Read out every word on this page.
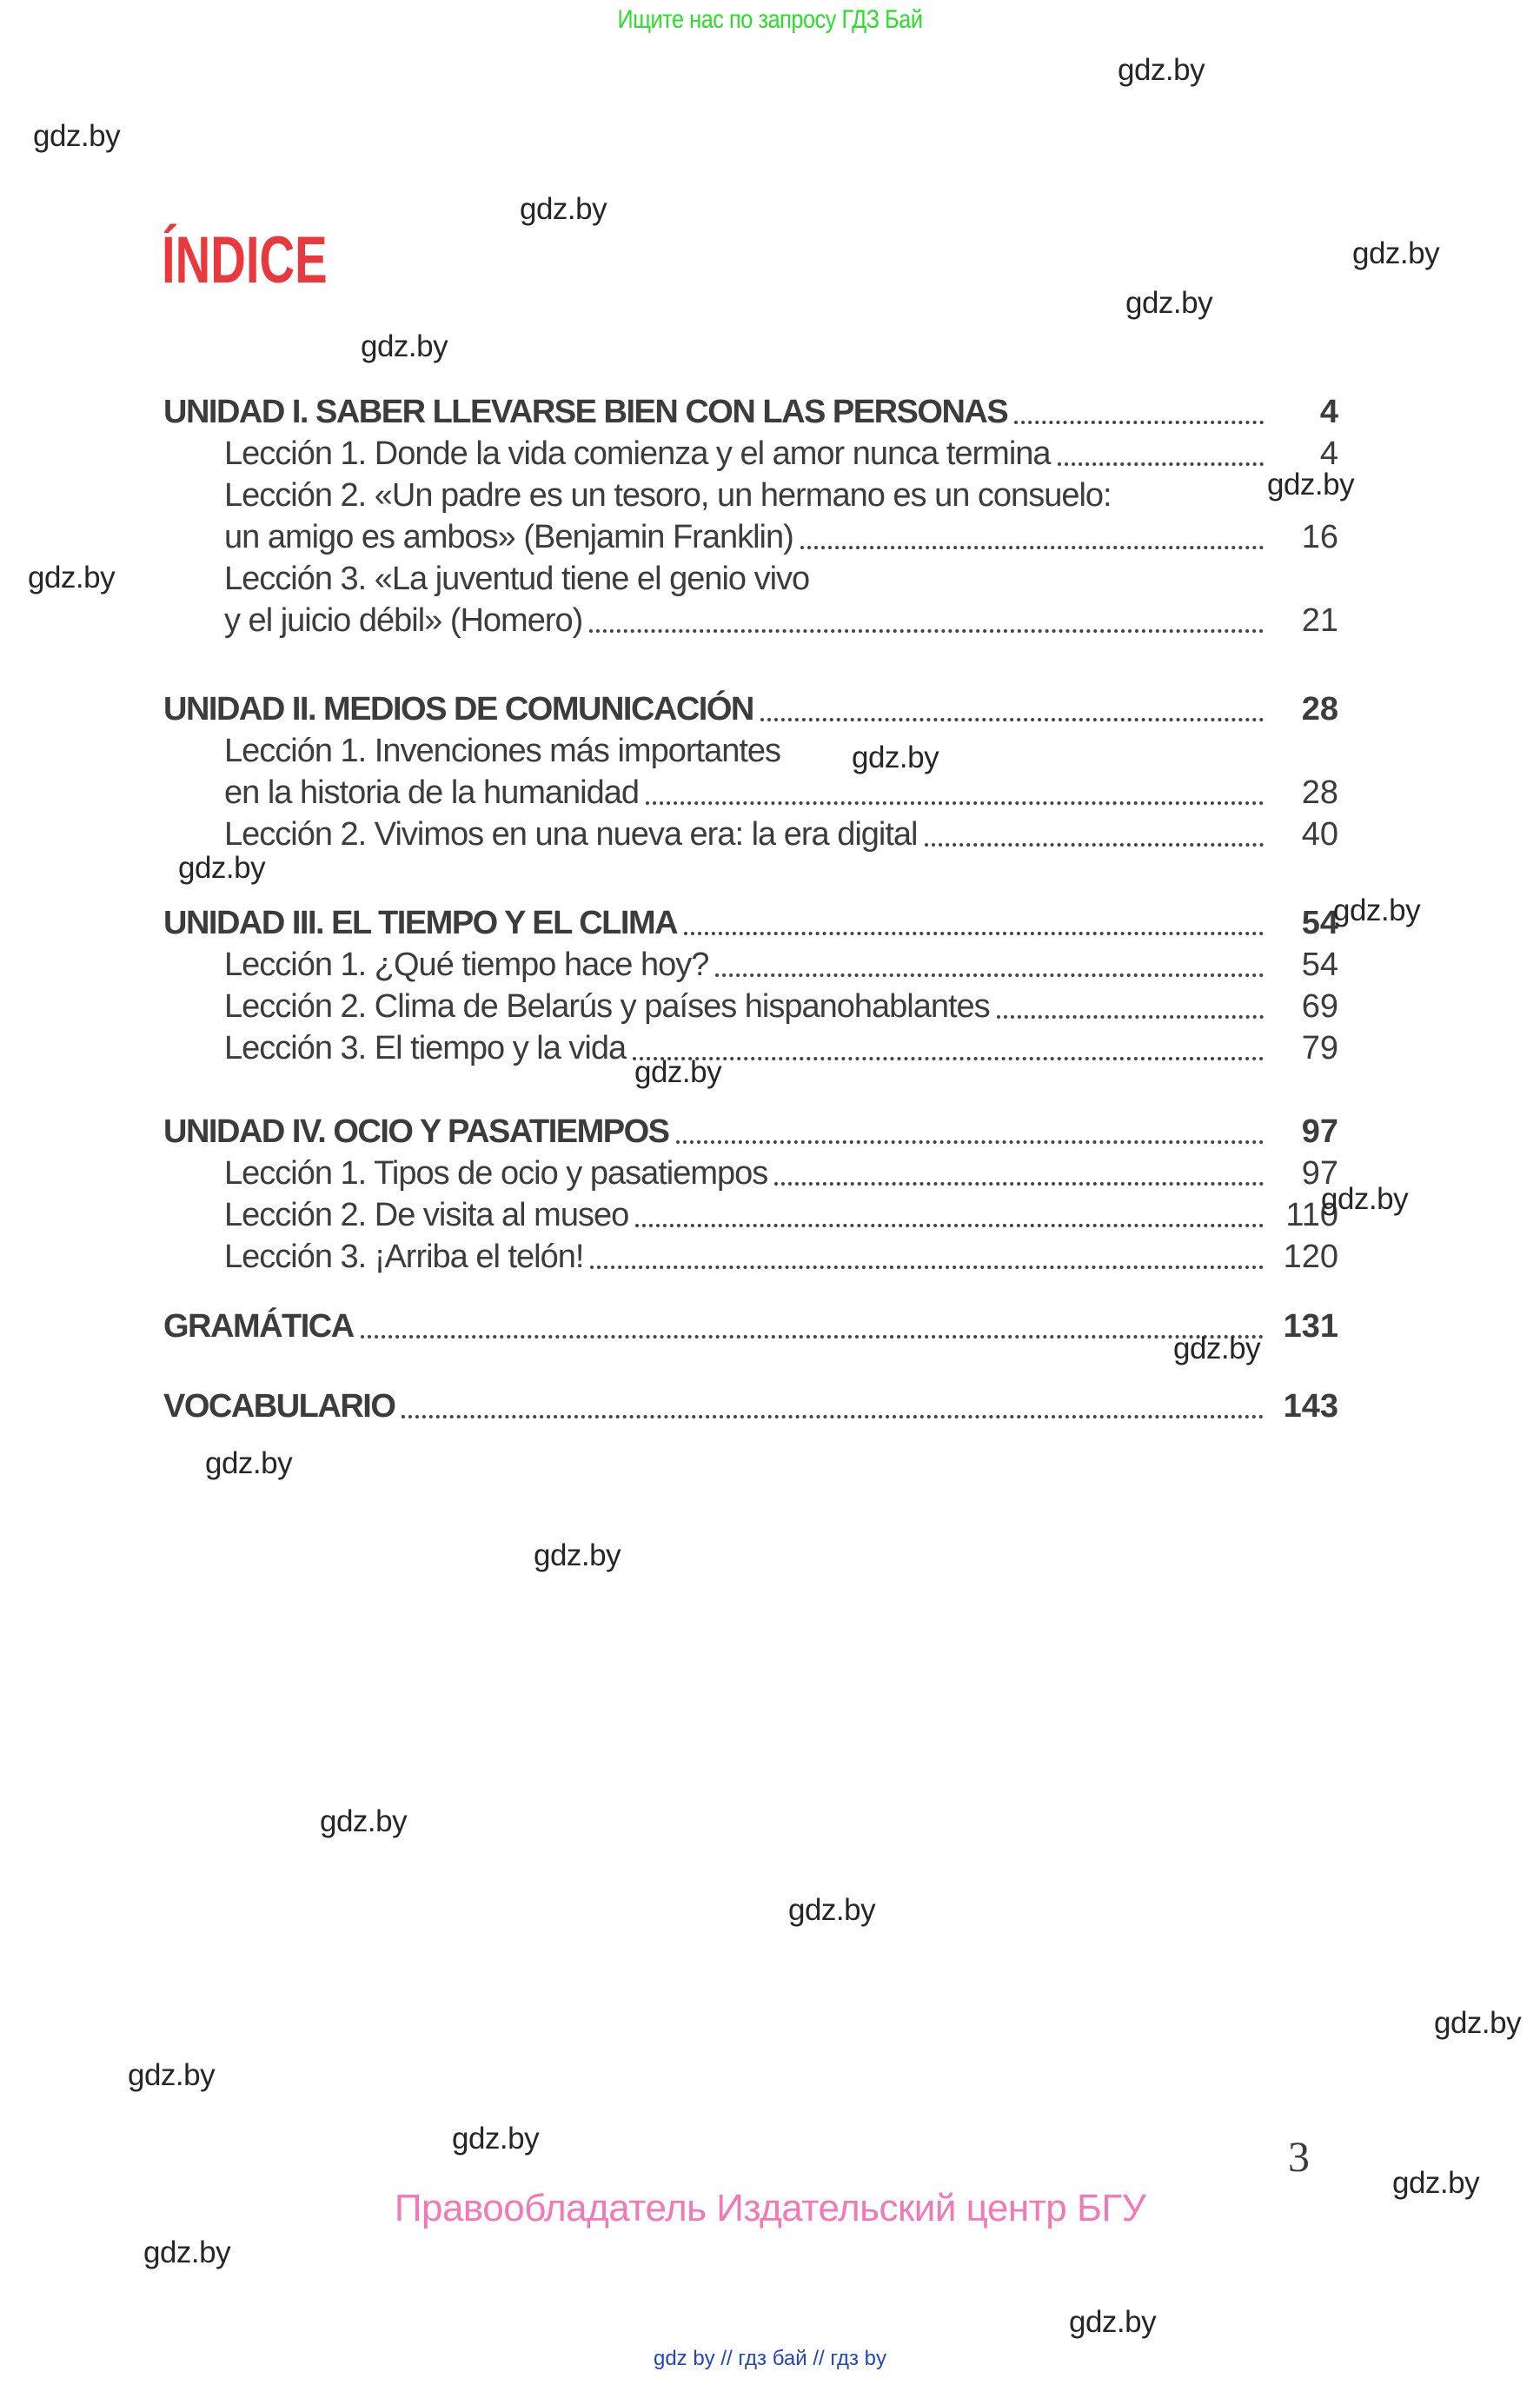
Ищите нас по запросу ГДЗ Бай
ÍNDICE
UNIDAD I. SABER LLEVARSE BIEN CON LAS PERSONAS	4
Lección 1. Donde la vida comienza y el amor nunca termina	4
Lección 2. «Un padre es un tesoro, un hermano es un consuelo:
un amigo es ambos» (Benjamin Franklin)	16
Lección 3. «La juventud tiene el genio vivo
y el juicio débil» (Homero)	21
UNIDAD II. MEDIOS DE COMUNICACIÓN	28
Lección 1. Invenciones más importantes
en la historia de la humanidad	28
Lección 2. Vivimos en una nueva era: la era digital	40
UNIDAD III. EL TIEMPO Y EL CLIMA	54
Lección 1. ¿Qué tiempo hace hoy?	54
Lección 2. Clima de Belarús y países hispanohablantes	69
Lección 3. El tiempo y la vida	79
UNIDAD IV. OCIO Y PASATIEMPOS	97
Lección 1. Tipos de ocio y pasatiempos	97
Lección 2. De visita al museo	110
Lección 3. ¡Arriba el telón!	120
GRAMÁTICA	131
VOCABULARIO	143
3
Правообладатель Издательский центр БГУ
gdz by // гдз бай // гдз by
gdz.by
gdz.by
gdz.by
gdz.by
gdz.by
gdz.by
gdz.by
gdz.by
gdz.by
gdz.by
gdz.by
gdz.by
gdz.by
gdz.by
gdz.by
gdz.by
gdz.by
gdz.by
gdz.by
gdz.by
gdz.by
gdz.by
gdz.by
gdz.by
